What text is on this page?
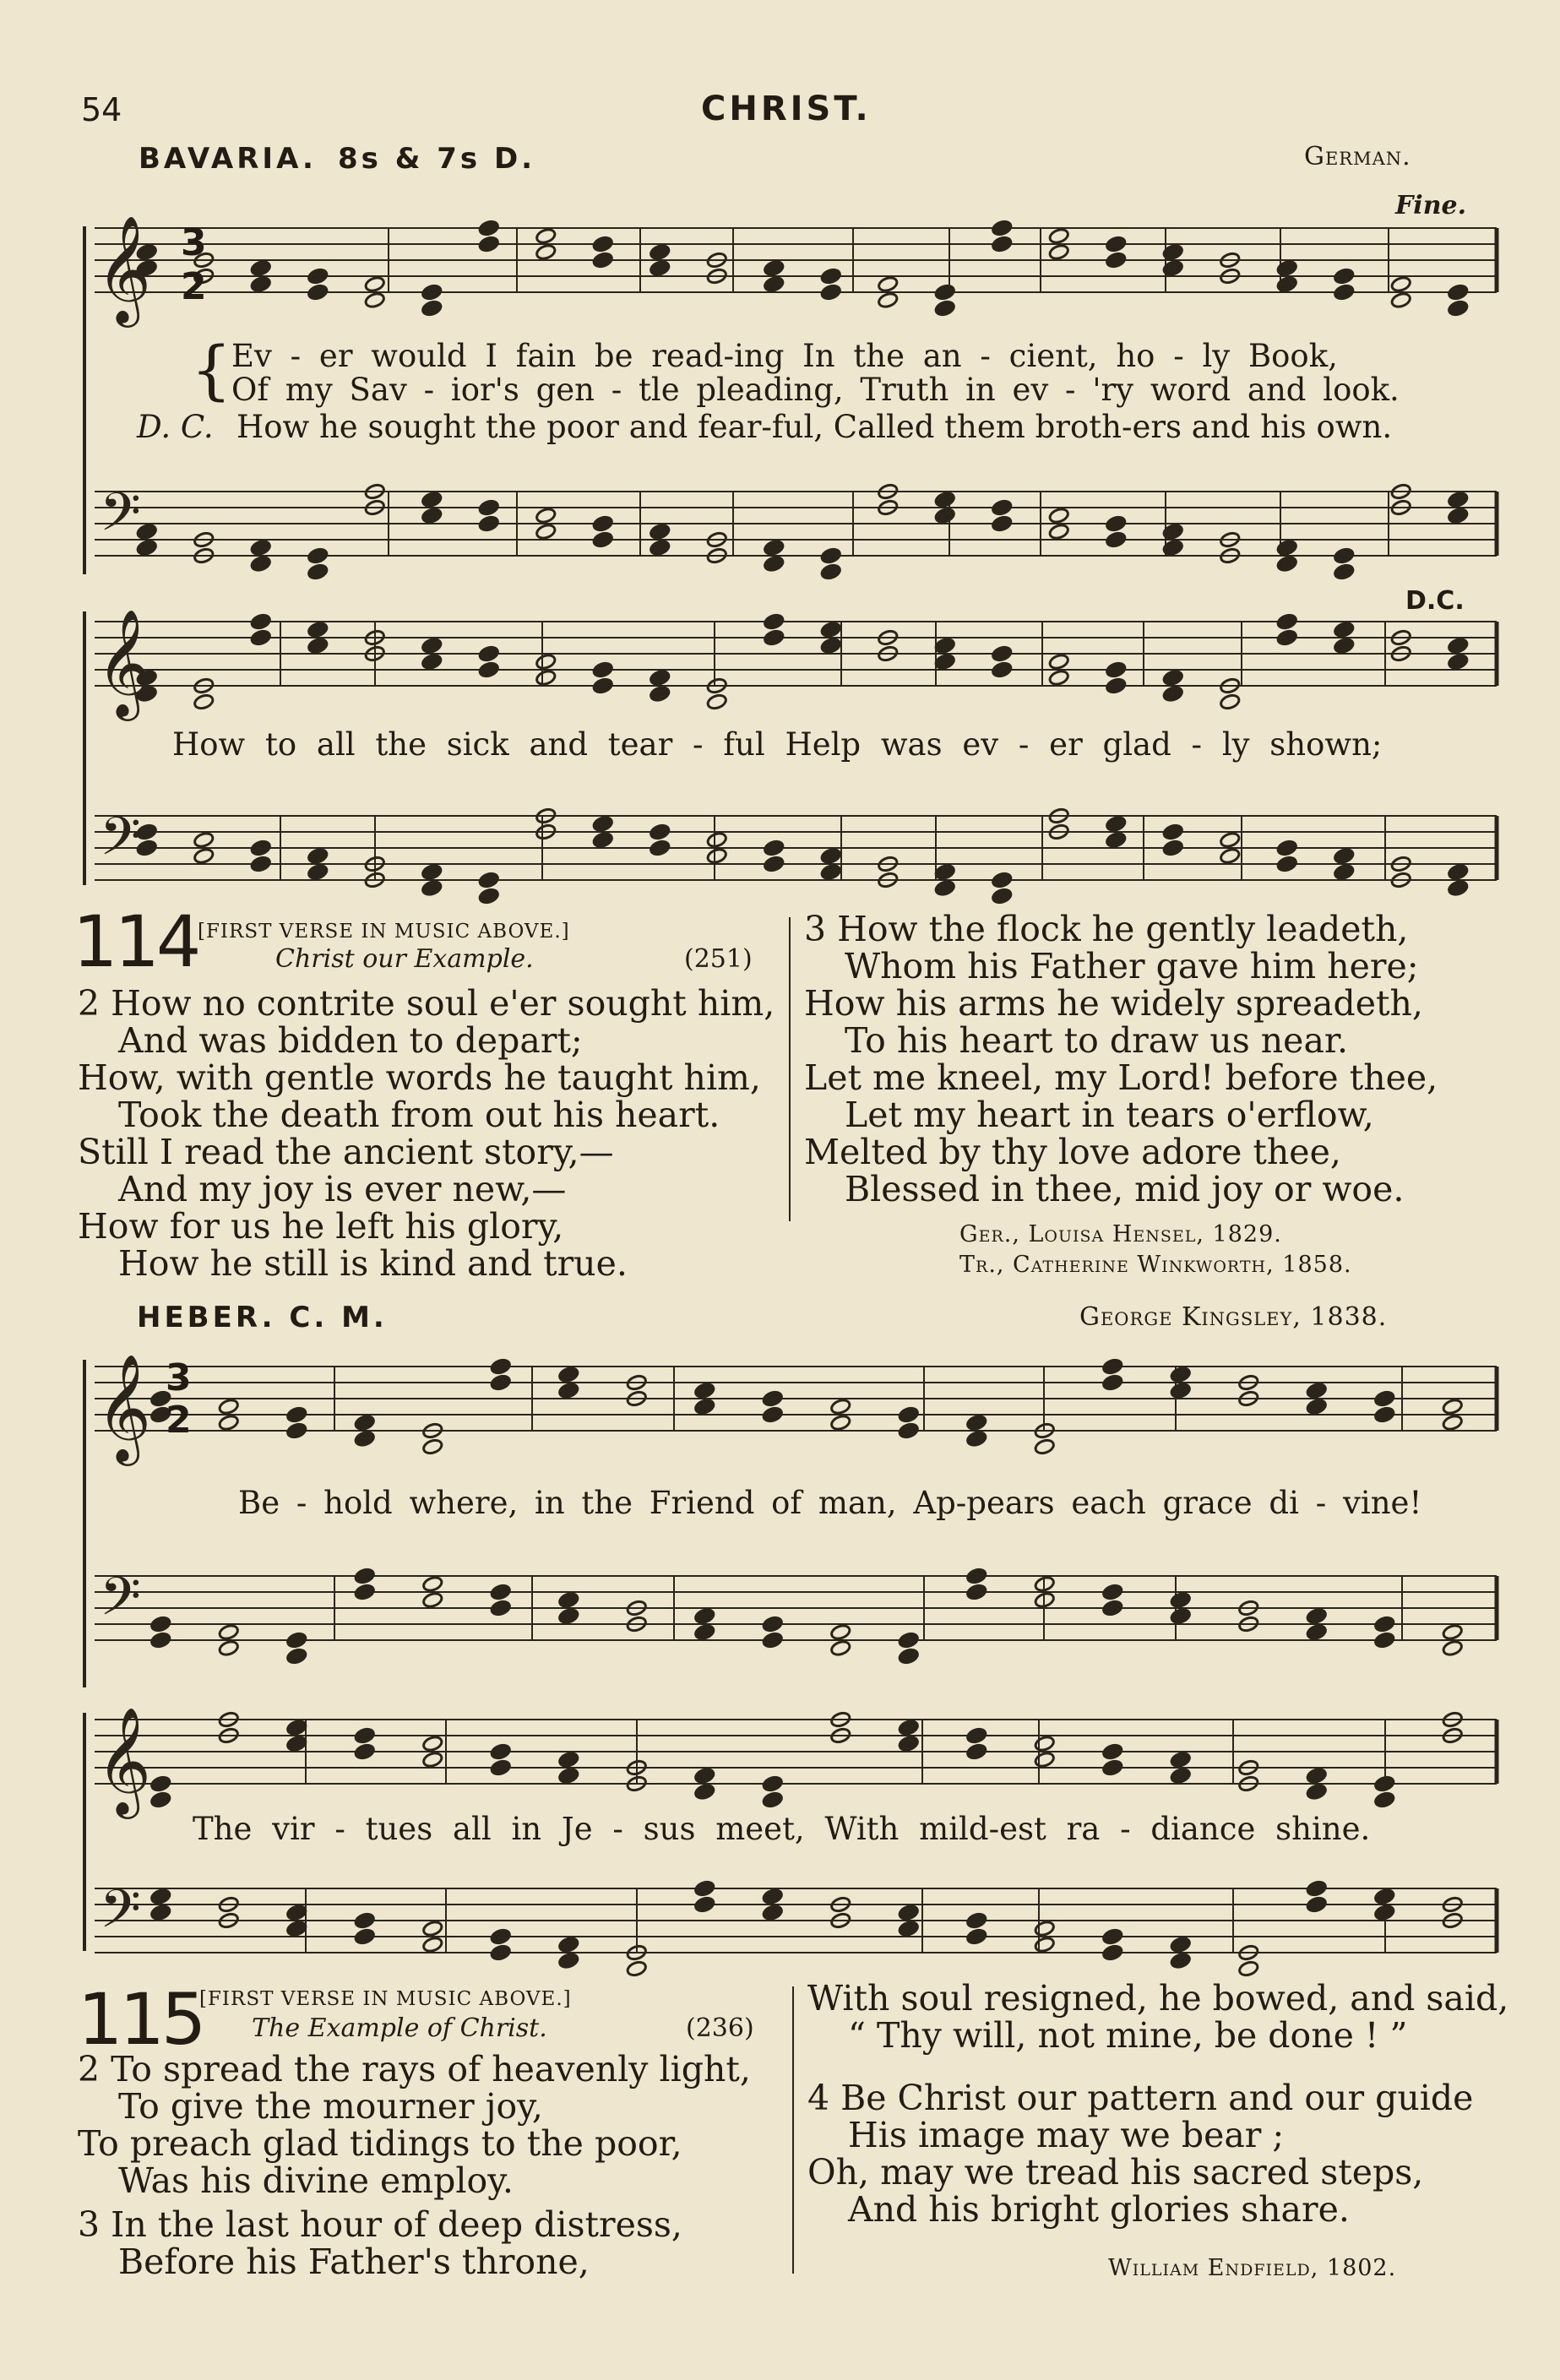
54	CHRIST.
BAVARIA. 8s & 7s D.	German.
Fine.
𝄞
𝄢
𝄞
𝄢
𝄞
𝄢
𝄞
𝄢
3
2
{ Ev - er would I fain be read-ing In the an - cient, ho - ly Book,
Of my Sav - ior's gen - tle pleading, Truth in ev - 'ry word and look.
D. C. How he sought the poor and fear-ful, Called them broth-ers and his own.
D.C.
How to all the sick and tear - ful Help was ev - er glad - ly shown;
114 [FIRST VERSE IN MUSIC ABOVE.]
Christ our Example.	(251)
2 How no contrite soul e'er sought him,
And was bidden to depart;
How, with gentle words he taught him,
Took the death from out his heart.
Still I read the ancient story,—
And my joy is ever new,—
How for us he left his glory,
How he still is kind and true.
3 How the flock he gently leadeth,
Whom his Father gave him here;
How his arms he widely spreadeth,
To his heart to draw us near.
Let me kneel, my Lord! before thee,
Let my heart in tears o'erflow,
Melted by thy love adore thee,
Blessed in thee, mid joy or woe.
Ger., Louisa Hensel, 1829.
Tr., Catherine Winkworth, 1858.
HEBER. C. M.	George Kingsley, 1838.
3
2
Be - hold where, in the Friend of man, Ap-pears each grace di - vine!
The vir - tues all in Je - sus meet, With mild-est ra - diance shine.
115
[FIRST VERSE IN MUSIC ABOVE.]
The Example of Christ.	(236)
2 To spread the rays of heavenly light,
To give the mourner joy,
To preach glad tidings to the poor,
Was his divine employ.
3 In the last hour of deep distress,
Before his Father's throne,
With soul resigned, he bowed, and said,
“ Thy will, not mine, be done ! ”
4 Be Christ our pattern and our guide
His image may we bear ;
Oh, may we tread his sacred steps,
And his bright glories share.
William Endfield, 1802.
